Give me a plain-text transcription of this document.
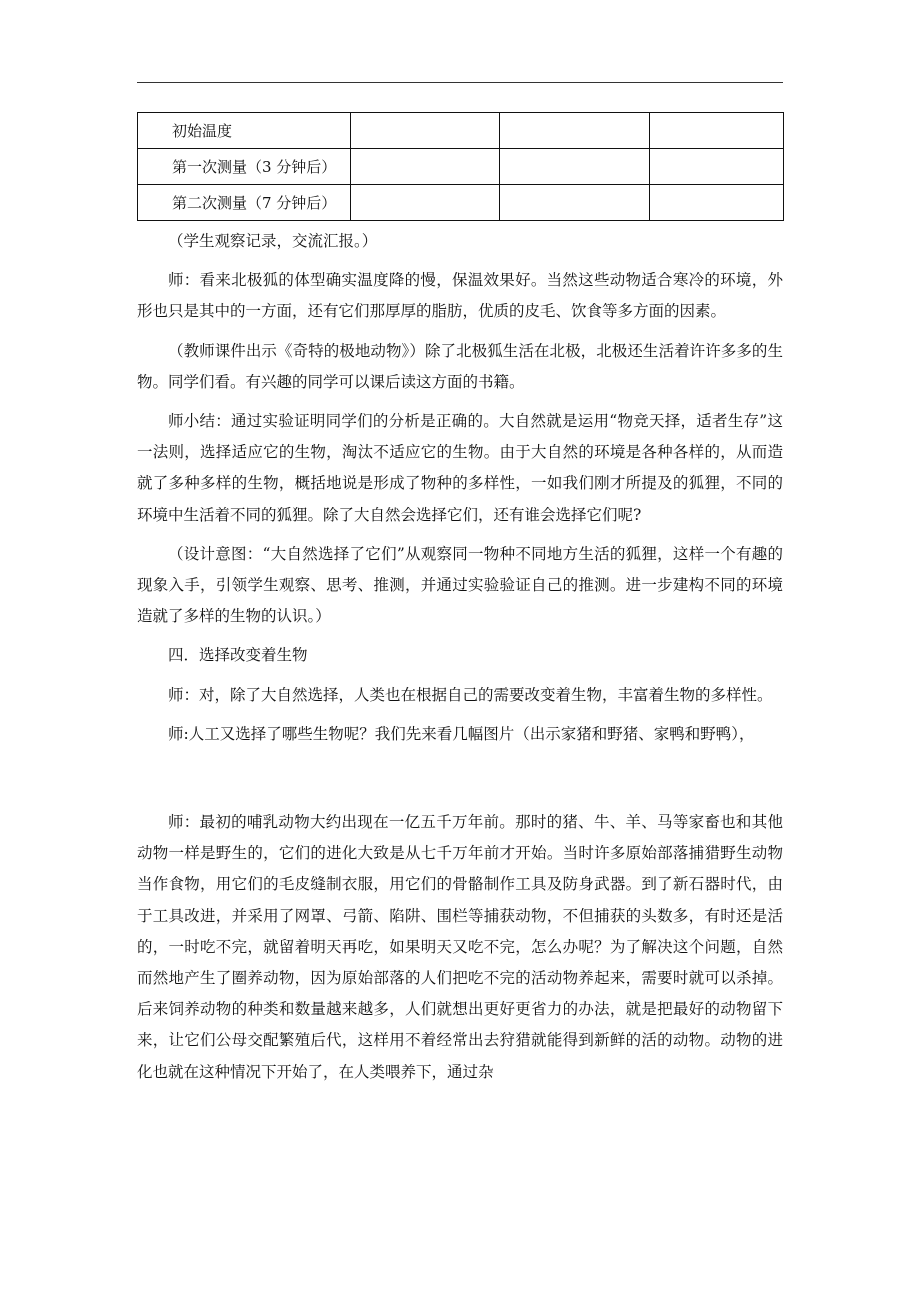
初始温度			
第一次测量（3 分钟后）			
第二次测量（7 分钟后）			

（学生观察记录，交流汇报。）

师：看来北极狐的体型确实温度降的慢，保温效果好。当然这些动物适合寒冷的环境，外形也只是其中的一方面，还有它们那厚厚的脂肪，优质的皮毛、饮食等多方面的因素。

（教师课件出示《奇特的极地动物》）除了北极狐生活在北极，北极还生活着许许多多的生物。同学们看。有兴趣的同学可以课后读这方面的书籍。

师小结：通过实验证明同学们的分析是正确的。大自然就是运用“物竞天择，适者生存”这一法则，选择适应它的生物，淘汰不适应它的生物。由于大自然的环境是各种各样的，从而造就了多种多样的生物，概括地说是形成了物种的多样性，一如我们刚才所提及的狐狸，不同的环境中生活着不同的狐狸。除了大自然会选择它们，还有谁会选择它们呢?

（设计意图：“大自然选择了它们”从观察同一物种不同地方生活的狐狸，这样一个有趣的现象入手，引领学生观察、思考、推测，并通过实验验证自己的推测。进一步建构不同的环境造就了多样的生物的认识。）

四．选择改变着生物

师：对，除了大自然选择，人类也在根据自己的需要改变着生物，丰富着生物的多样性。

师:人工又选择了哪些生物呢？我们先来看几幅图片（出示家猪和野猪、家鸭和野鸭），

师：最初的哺乳动物大约出现在一亿五千万年前。那时的猪、牛、羊、马等家畜也和其他动物一样是野生的，它们的进化大致是从七千万年前才开始。当时许多原始部落捕猎野生动物当作食物，用它们的毛皮缝制衣服，用它们的骨骼制作工具及防身武器。到了新石器时代，由于工具改进，并采用了网罩、弓箭、陷阱、围栏等捕获动物，不但捕获的头数多，有时还是活的，一时吃不完，就留着明天再吃，如果明天又吃不完，怎么办呢？为了解决这个问题，自然而然地产生了圈养动物，因为原始部落的人们把吃不完的活动物养起来，需要时就可以杀掉。后来饲养动物的种类和数量越来越多，人们就想出更好更省力的办法，就是把最好的动物留下来，让它们公母交配繁殖后代，这样用不着经常出去狩猎就能得到新鲜的活的动物。动物的进化也就在这种情况下开始了，在人类喂养下，通过杂
